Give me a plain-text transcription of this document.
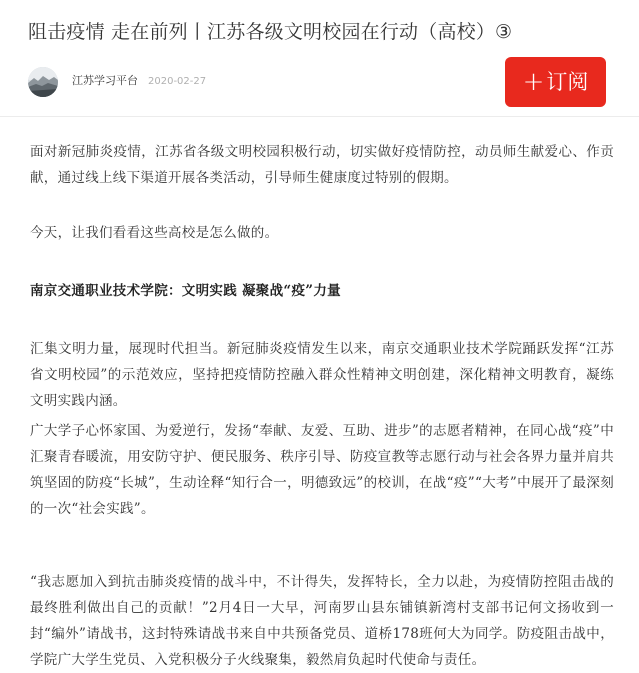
阻击疫情 走在前列丨江苏各级文明校园在行动（高校）③
江苏学习平台 2020-02-27	+ 订阅
面对新冠肺炎疫情，江苏省各级文明校园积极行动，切实做好疫情防控，动员师生献爱心、作贡献，通过线上线下渠道开展各类活动，引导师生健康度过特别的假期。
今天，让我们看看这些高校是怎么做的。
南京交通职业技术学院：文明实践 凝聚战“疫”力量
汇集文明力量，展现时代担当。新冠肺炎疫情发生以来，南京交通职业技术学院踊跃发挥“江苏省文明校园”的示范效应，坚持把疫情防控融入群众性精神文明创建，深化精神文明教育，凝练文明实践内涵。
广大学子心怀家国、为爱逆行，发扬“奉献、友爱、互助、进步”的志愿者精神，在同心战“疫”中汇聚青春暖流，用安防守护、便民服务、秩序引导、防疫宣教等志愿行动与社会各界力量并肩共筑坚固的防疫“长城”，生动诠释“知行合一，明德致远”的校训，在战“疫”“大考”中展开了最深刻的一次“社会实践”。
“我志愿加入到抗击肺炎疫情的战斗中，不计得失，发挥特长，全力以赴，为疫情防控阻击战的最终胜利做出自己的贡献！”2月4日一大早，河南罗山县东铺镇新湾村支部书记何文扬收到一封“编外”请战书，这封特殊请战书来自中共预备党员、道桥178班何大为同学。防疫阻击战中，学院广大学生党员、入党积极分子火线聚集，毅然肩负起时代使命与责任。
